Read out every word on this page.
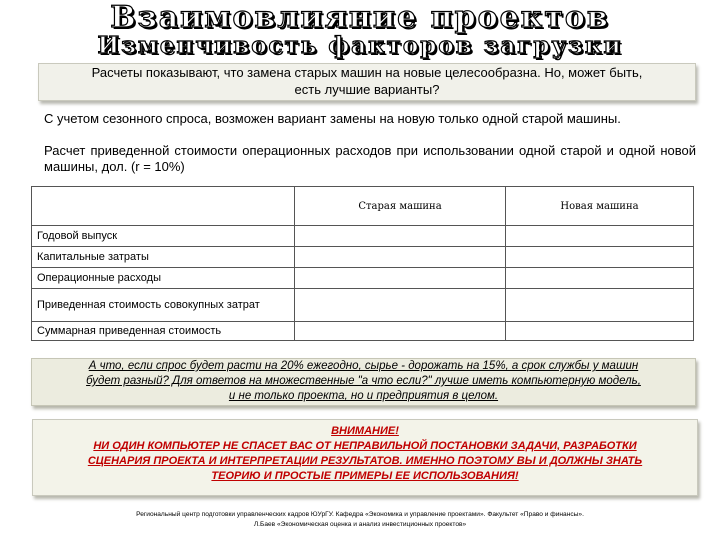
Взаимовлияние проектов
Изменчивость факторов загрузки
Расчеты показывают, что замена старых машин на новые целесообразна. Но, может быть,
есть лучшие варианты?
С учетом сезонного спроса, возможен вариант замены на новую только одной старой машины.
Расчет приведенной стоимости операционных расходов при использовании одной старой и одной новой машины, дол. (r = 10%)
	Старая машина	Новая машина
Годовой выпуск		
Капитальные затраты		
Операционные расходы		
Приведенная стоимость совокупных затрат		
Суммарная приведенная стоимость		
А что, если спрос будет расти на 20% ежегодно, сырье - дорожать на 15%, а срок службы у машин
будет разный? Для ответов на множественные "а что если?" лучше иметь компьютерную модель,
и не только проекта, но и предприятия в целом.
ВНИМАНИЕ!
НИ ОДИН КОМПЬЮТЕР НЕ СПАСЕТ ВАС ОТ НЕПРАВИЛЬНОЙ ПОСТАНОВКИ ЗАДАЧИ, РАЗРАБОТКИ
СЦЕНАРИЯ ПРОЕКТА И ИНТЕРПРЕТАЦИИ РЕЗУЛЬТАТОВ. ИМЕННО ПОЭТОМУ ВЫ И ДОЛЖНЫ ЗНАТЬ
ТЕОРИЮ И ПРОСТЫЕ ПРИМЕРЫ ЕЕ ИСПОЛЬЗОВАНИЯ!
Региональный центр подготовки управленческих кадров ЮУрГУ. Кафедра «Экономика и управление проектами». Факультет «Право и финансы».
Л.Баев «Экономическая оценка и анализ инвестиционных проектов»
